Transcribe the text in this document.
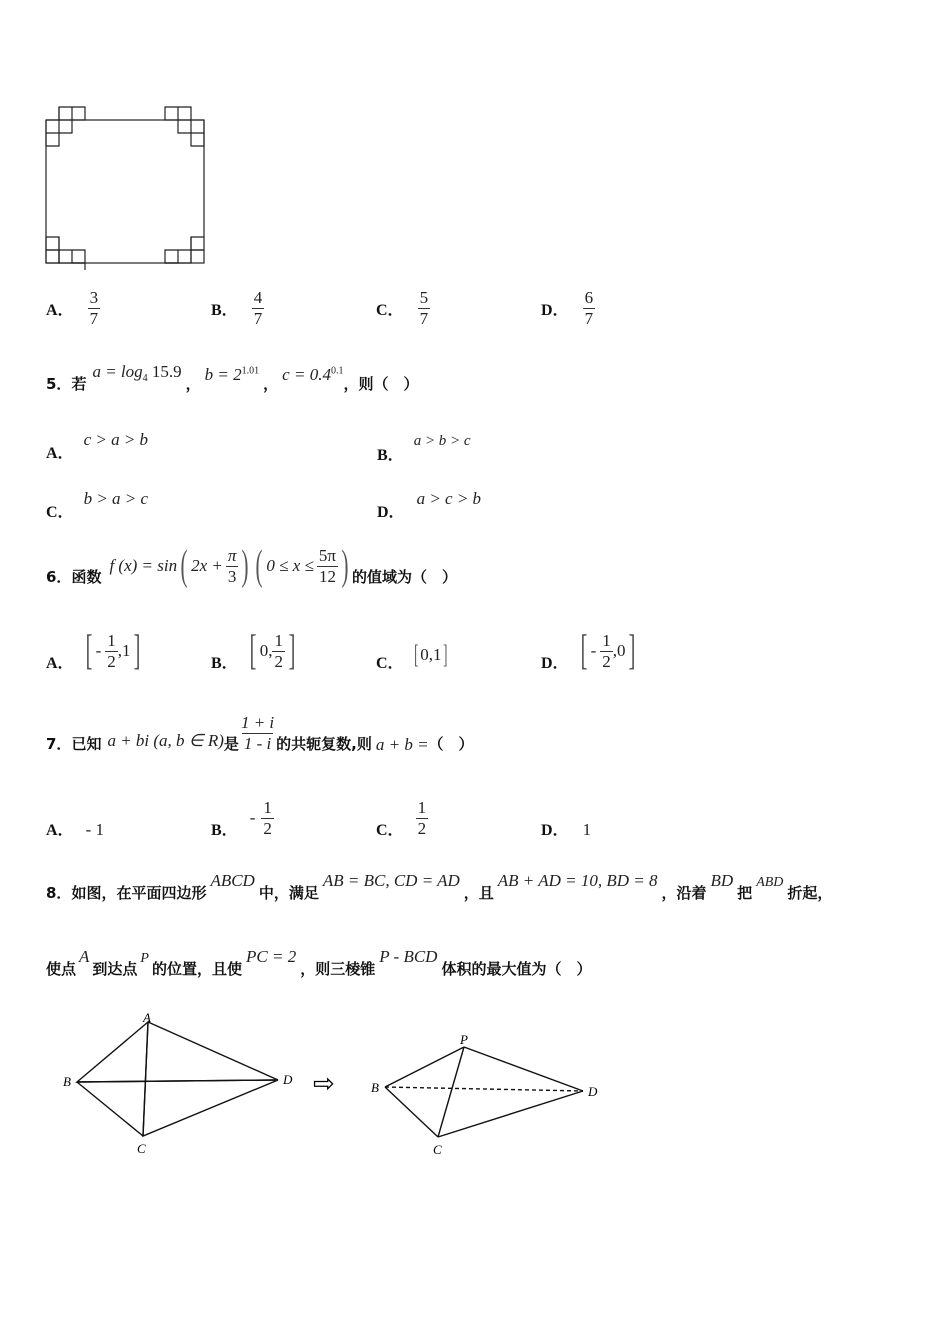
A． $\frac{3}{7}$	B． $\frac{4}{7}$	C． $\frac{5}{7}$	D． $\frac{6}{7}$
5． 若
$a = \log_4 15.9$
， $b = 2^{1.01}$
， $c = 0.4^{0.1}$
，则（　）
A．
c > a > b
B．
a > b > c
C．
b > a > c
D．
a > c > b
6． 函数
f (x) = sin ( $2x + \frac{\pi}{3}$ ) ( $0 \le x \le \frac{5\pi}{12}$ ) 的值域为（　）
A． [ - $\frac{1}{2} ,1$ ]	B． [ 0, $\frac{1}{2}$ ]	C． [ 0,1 ]	D． [ - $\frac{1}{2} ,0$ ]
7． 已知 a + bi (a, b ∈ R) 是 $\frac{1 + i}{1 - i}$ 的共轭复数,则 a + b = （　）
A． - 1	B．
- $\frac{1}{2}$	C． $\frac{1}{2}$	D． 1
8． 如图，在平面四边形
ABCD
中，满足
AB = BC, CD = AD
，且
AB + AD = 10, BD = 8
，沿着
BD
把
ABD
折起，
使点
A
到达点
P
的位置，且使
PC = 2
，则三棱锥
P - BCD
体积的最大值为（　）
A
B	D
C
⇨
P
B	D
C
